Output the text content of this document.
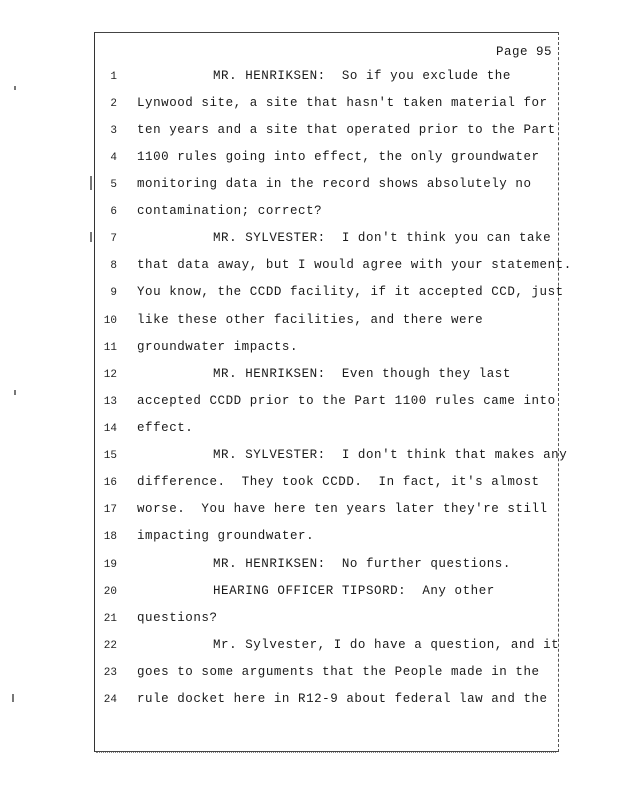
Page 95
1	MR. HENRIKSEN:  So if you exclude the
2 Lynwood site, a site that hasn't taken material for
3 ten years and a site that operated prior to the Part
4 1100 rules going into effect, the only groundwater
5 monitoring data in the record shows absolutely no
6 contamination; correct?
7	MR. SYLVESTER:  I don't think you can take
8 that data away, but I would agree with your statement.
9 You know, the CCDD facility, if it accepted CCD, just
10 like these other facilities, and there were
11 groundwater impacts.
12	MR. HENRIKSEN:  Even though they last
13 accepted CCDD prior to the Part 1100 rules came into
14 effect.
15	MR. SYLVESTER:  I don't think that makes any
16 difference.  They took CCDD.  In fact, it's almost
17 worse.  You have here ten years later they're still
18 impacting groundwater.
19	MR. HENRIKSEN:  No further questions.
20	HEARING OFFICER TIPSORD:  Any other
21 questions?
22	Mr. Sylvester, I do have a question, and it
23 goes to some arguments that the People made in the
24 rule docket here in R12-9 about federal law and the
